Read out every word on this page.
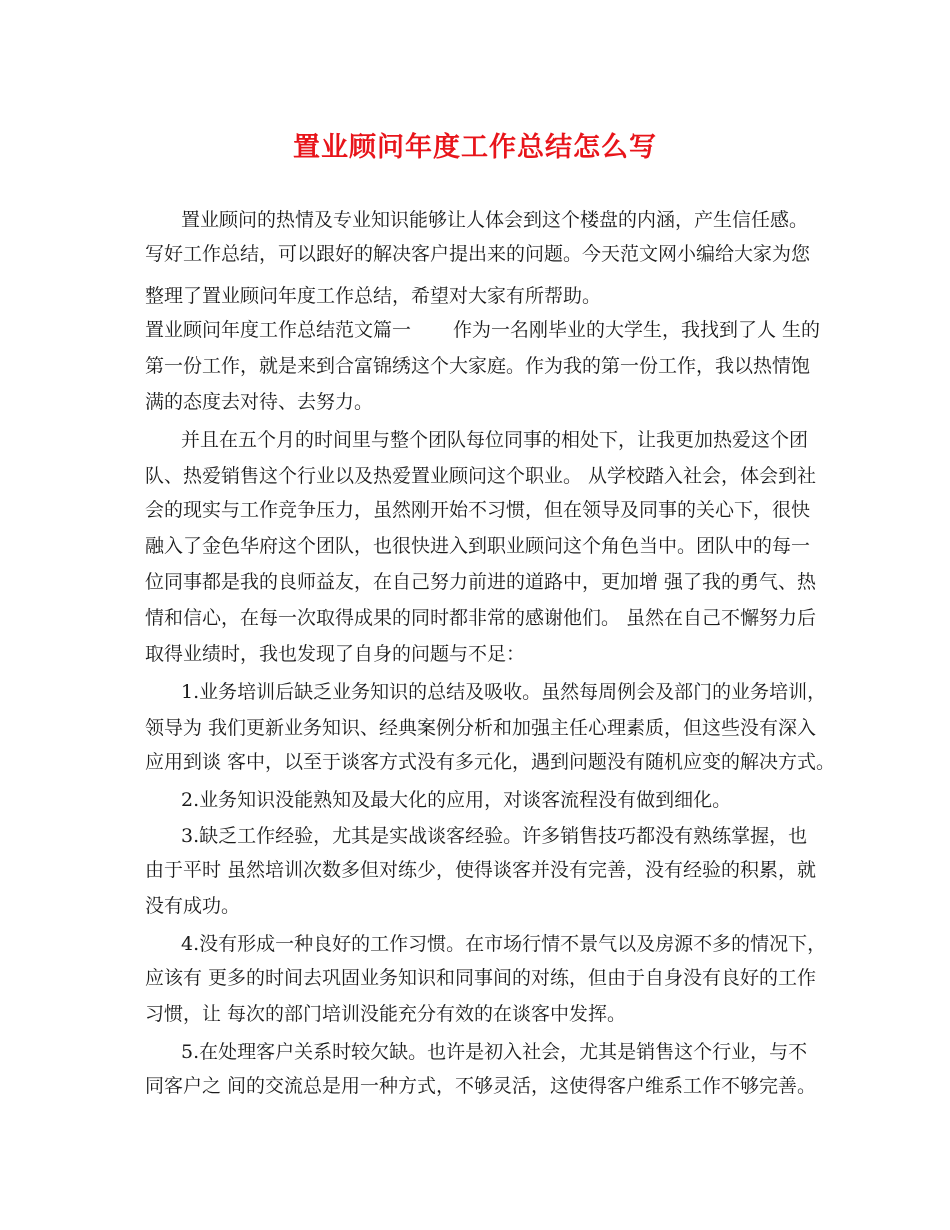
置业顾问年度工作总结怎么写
置业顾问的热情及专业知识能够让人体会到这个楼盘的内涵，产生信任感。
写好工作总结，可以跟好的解决客户提出来的问题。今天范文网小编给大家为您
整理了置业顾问年度工作总结，希望对大家有所帮助。
置业顾问年度工作总结范文篇一 作为一名刚毕业的大学生，我找到了人 生的
第一份工作，就是来到合富锦绣这个大家庭。作为我的第一份工作，我以热情饱
满的态度去对待、去努力。
并且在五个月的时间里与整个团队每位同事的相处下，让我更加热爱这个团
队、热爱销售这个行业以及热爱置业顾问这个职业。 从学校踏入社会，体会到社
会的现实与工作竞争压力，虽然刚开始不习惯，但在领导及同事的关心下，很快
融入了金色华府这个团队，也很快进入到职业顾问这个角色当中。团队中的每一
位同事都是我的良师益友，在自己努力前进的道路中，更加增 强了我的勇气、热
情和信心，在每一次取得成果的同时都非常的感谢他们。 虽然在自己不懈努力后
取得业绩时，我也发现了自身的问题与不足：
1.业务培训后缺乏业务知识的总结及吸收。虽然每周例会及部门的业务培训，
领导为 我们更新业务知识、经典案例分析和加强主任心理素质，但这些没有深入
应用到谈 客中，以至于谈客方式没有多元化，遇到问题没有随机应变的解决方式。
2.业务知识没能熟知及最大化的应用，对谈客流程没有做到细化。
3.缺乏工作经验，尤其是实战谈客经验。许多销售技巧都没有熟练掌握，也
由于平时 虽然培训次数多但对练少，使得谈客并没有完善，没有经验的积累，就
没有成功。
4.没有形成一种良好的工作习惯。在市场行情不景气以及房源不多的情况下，
应该有 更多的时间去巩固业务知识和同事间的对练，但由于自身没有良好的工作
习惯，让 每次的部门培训没能充分有效的在谈客中发挥。
5.在处理客户关系时较欠缺。也许是初入社会，尤其是销售这个行业，与不
同客户之 间的交流总是用一种方式，不够灵活，这使得客户维系工作不够完善。
